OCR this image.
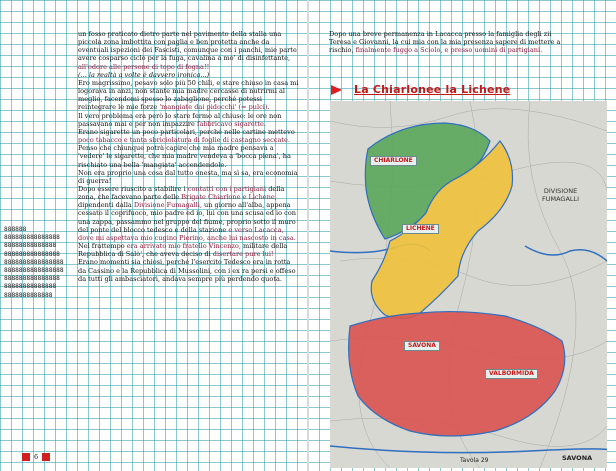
un fosso praticato dietro parte nel pavimento della stalla una piccola zona imbottita con paglia e ben protetta anche da eventuali ispezioni dei Fascisti, comunque con i panchi, mie parte avere cosparso ciclo per la fuga, cavalina a mo' di disinfettante, all'odore alle persone di topo di fogna!!

(... la realtà a volte è davvero ironica...)

Ero magrissimo, pesavo solo più 50 chili, e stare chiuso in casa mi logorava in anzi, non stante mia madre cercasse di nutrirmi al meglio, facendomi spesso lo zabaglione, perché potessi reintegrare le mie forze 'mangiate dai pidocchi' (= pulci).

Il vero problema era però lo stare fermo al chiuso: le ore non passavano mai e per non impazzire fabbricavo sigarette.

Erano sigarette un poco particolari, perché nelle cartine mettevo poco tabacco e tanta sbriciolatura di foglie di castagno seccate.

Penso che chiunque potrà capire che mia madre pensava a 'vedere' le sigarette, che mia madre vendeva a 'bocca piena', ha rischiato una bella 'mangiata' accendendole.

Non era proprio una cosa dal tutto onesta, ma sì sa, era economia di guerra!

Dopo essere riuscito a stabilire i contatti con i partigiani della zona, che facevano parte delle Brigate Chiarlone e Lichene, dipendenti dalla Divisione Fumagalli, un giorno all'alba, appena cessato il coprifuoco, mio padre ed io, lui con una scusa ed io con una zappa, passammo nel gruppo del fiume, proprio sotto il muro del ponte del blocco tedesco e della stazione e verso Lacacca, dove mi aspettava mio cugino Pierino, anche lui nascosto in casa.

Nel frattempo era arrivato mio fratello Vincenzo, militare della Repubblica di Salò', che aveva deciso di disertare pure lui!

Erano momenti sia chiosi, perché l'esercito Tedesco era in rotta da Cassino e la Repubblica di Mussolini, con i ex ra persi e offeso da tutti gli ambasciatori, andava sempre più perdendo quota.

888888
888888888888888
88888888888888
888888888888888
8888888888888888
8888888888888888
888888888888888
88888888888888
8888888888888
6

Dopo una breve permanenza in Lacacca presso la famiglia degli zii Teresa e Giovanni, la cui mia con la mia presenza sapere di mettere a rischio, finalmente fuggo a Sciolo, e presso uomini di partigiani.

La Chiarlonee la Lichene
CHIARLONE
LICHENE
SAVONA
VALBORMIDA
DIVISIONE
FUMAGALLI
SAVONA
Tavola 29
